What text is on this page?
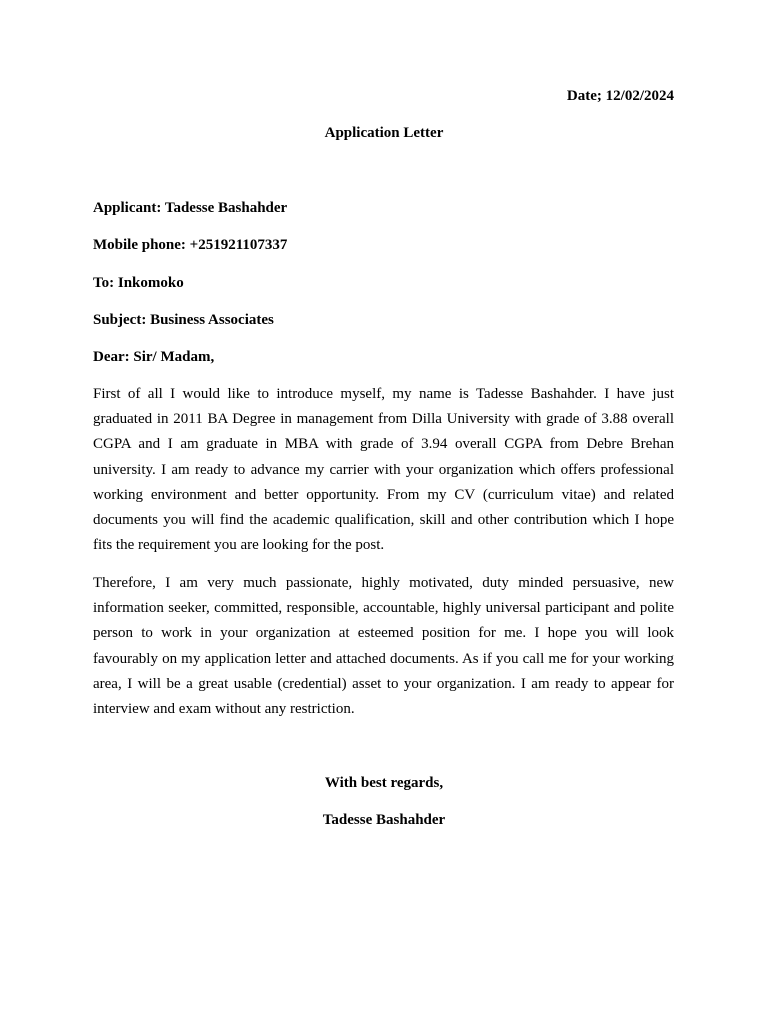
Date; 12/02/2024
Application Letter
Applicant: Tadesse Bashahder
Mobile phone: +251921107337
To: Inkomoko
Subject: Business Associates
Dear: Sir/ Madam,

First of all I would like to introduce myself, my name is Tadesse Bashahder. I have just graduated in 2011 BA Degree in management from Dilla University with grade of 3.88 overall CGPA and I am graduate in MBA with grade of 3.94 overall CGPA from Debre Brehan university. I am ready to advance my carrier with your organization which offers professional working environment and better opportunity. From my CV (curriculum vitae) and related documents you will find the academic qualification, skill and other contribution which I hope fits the requirement you are looking for the post.

Therefore, I am very much passionate, highly motivated, duty minded persuasive, new information seeker, committed, responsible, accountable, highly universal participant and polite person to work in your organization at esteemed position for me. I hope you will look favourably on my application letter and attached documents. As if you call me for your working area, I will be a great usable (credential) asset to your organization. I am ready to appear for interview and exam without any restriction.

With best regards,
Tadesse Bashahder
